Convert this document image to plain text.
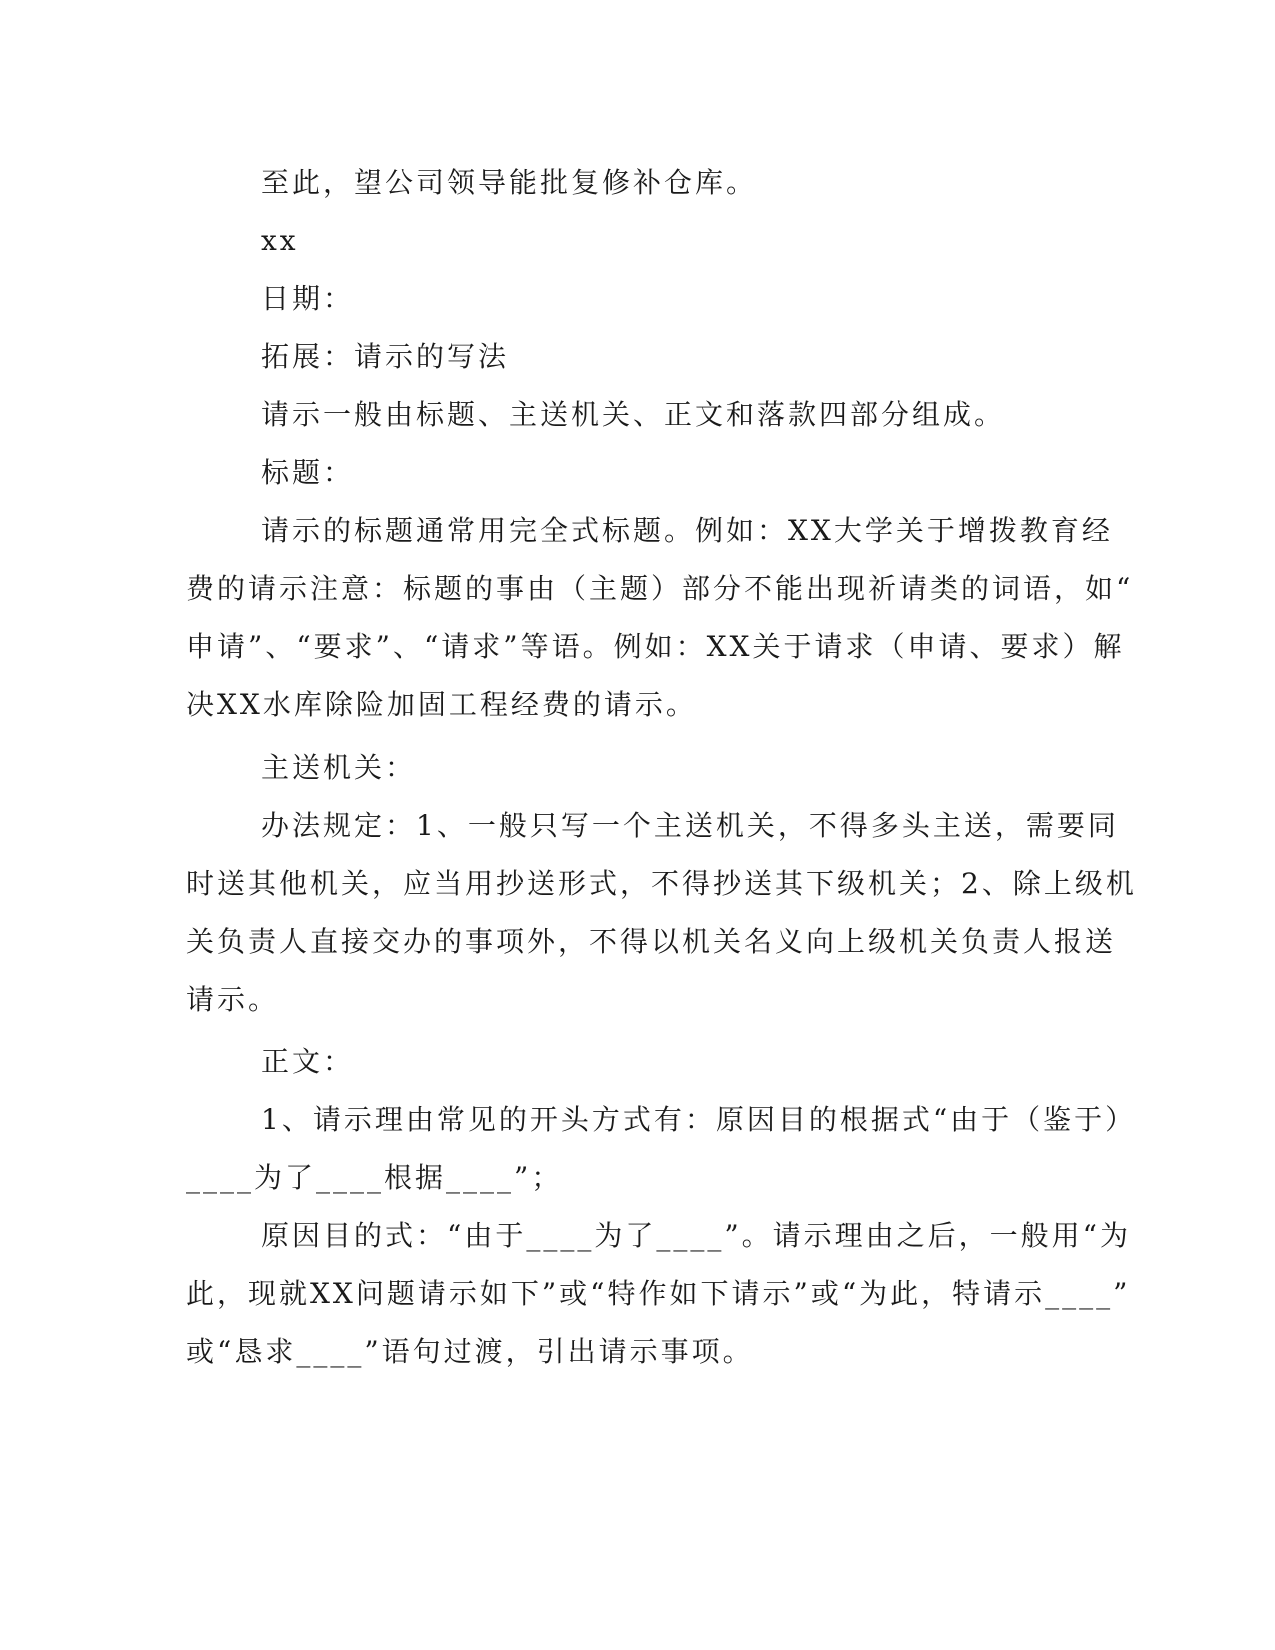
至此，望公司领导能批复修补仓库。
xx
日期：
拓展：请示的写法
请示一般由标题、主送机关、正文和落款四部分组成。
标题：
请示的标题通常用完全式标题。例如：XX大学关于增拨教育经
费的请示注意：标题的事由（主题）部分不能出现祈请类的词语，如“
申请”、“要求”、“请求”等语。例如：XX关于请求（申请、要求）解
决XX水库除险加固工程经费的请示。
主送机关：
办法规定：1、一般只写一个主送机关，不得多头主送，需要同
时送其他机关，应当用抄送形式，不得抄送其下级机关；2、除上级机
关负责人直接交办的事项外，不得以机关名义向上级机关负责人报送
请示。
正文：
1、请示理由常见的开头方式有：原因目的根据式“由于（鉴于）
____为了____根据____”；
原因目的式：“由于____为了____”。请示理由之后，一般用“为
此，现就XX问题请示如下”或“特作如下请示”或“为此，特请示____”
或“恳求____”语句过渡，引出请示事项。
